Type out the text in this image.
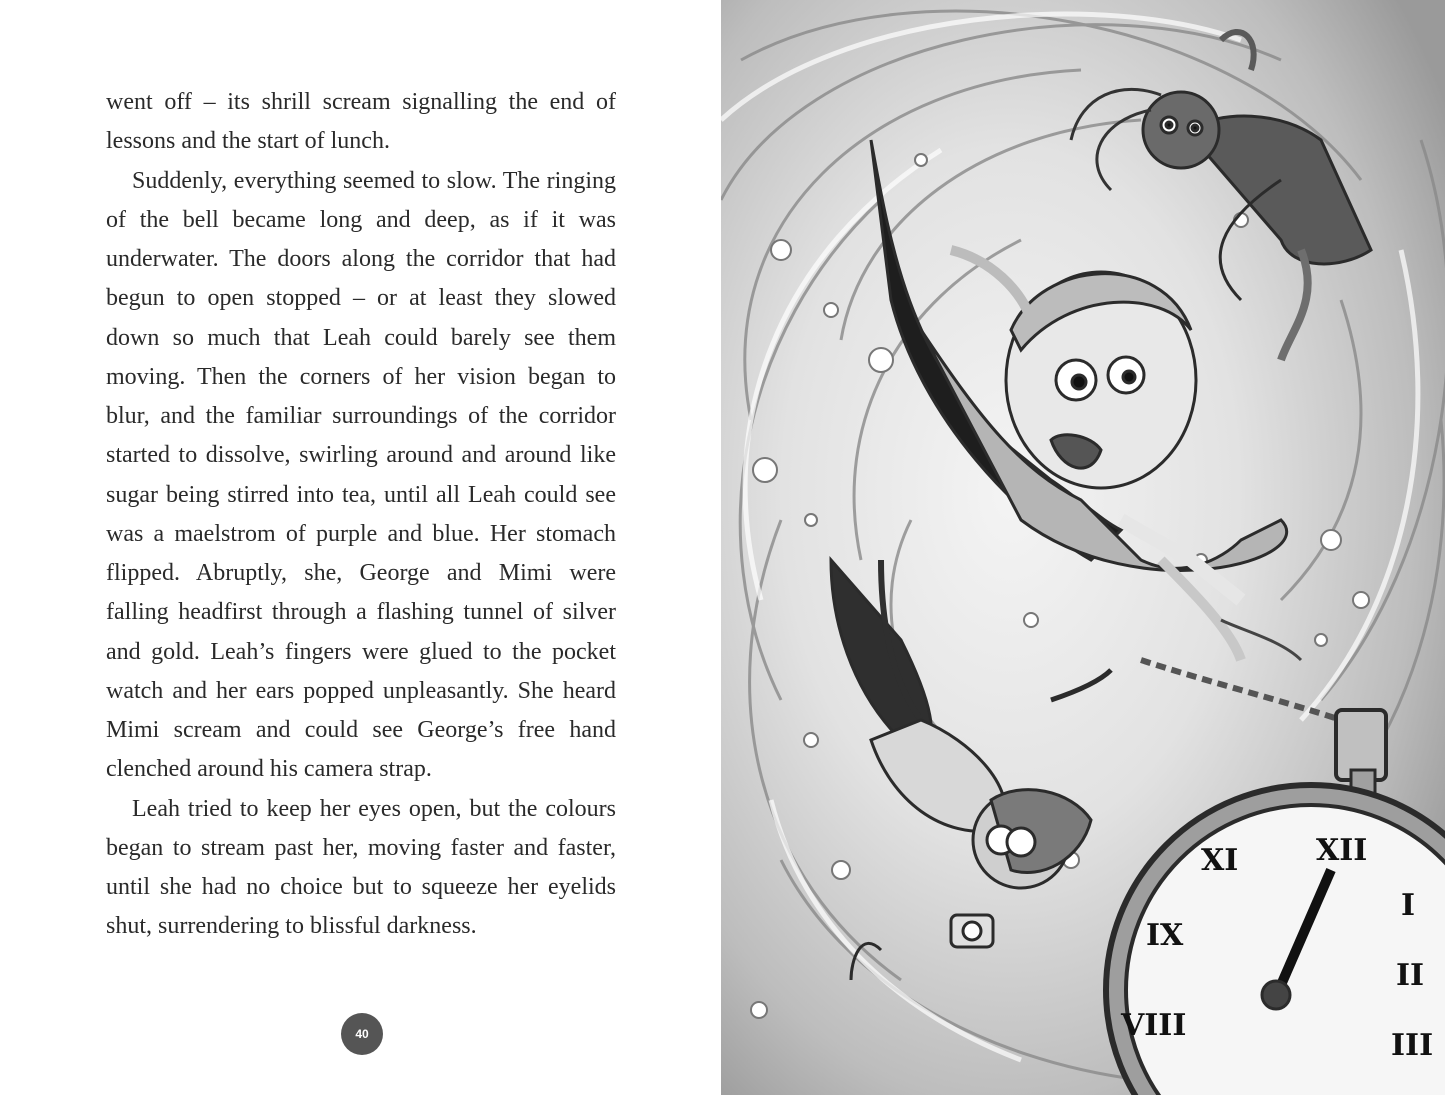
went off – its shrill scream signalling the end of lessons and the start of lunch.

Suddenly, everything seemed to slow. The ringing of the bell became long and deep, as if it was underwater. The doors along the corridor that had begun to open stopped – or at least they slowed down so much that Leah could barely see them moving. Then the corners of her vision began to blur, and the familiar surroundings of the corridor started to dissolve, swirling around and around like sugar being stirred into tea, until all Leah could see was a maelstrom of purple and blue. Her stomach flipped. Abruptly, she, George and Mimi were falling headfirst through a flashing tunnel of silver and gold. Leah’s fingers were glued to the pocket watch and her ears popped unpleasantly. She heard Mimi scream and could see George’s free hand clenched around his camera strap.

Leah tried to keep her eyes open, but the colours began to stream past her, moving faster and faster, until she had no choice but to squeeze her eyelids shut, surrendering to blissful darkness.

40
XI	XII
I
IX
II
VIII
III
